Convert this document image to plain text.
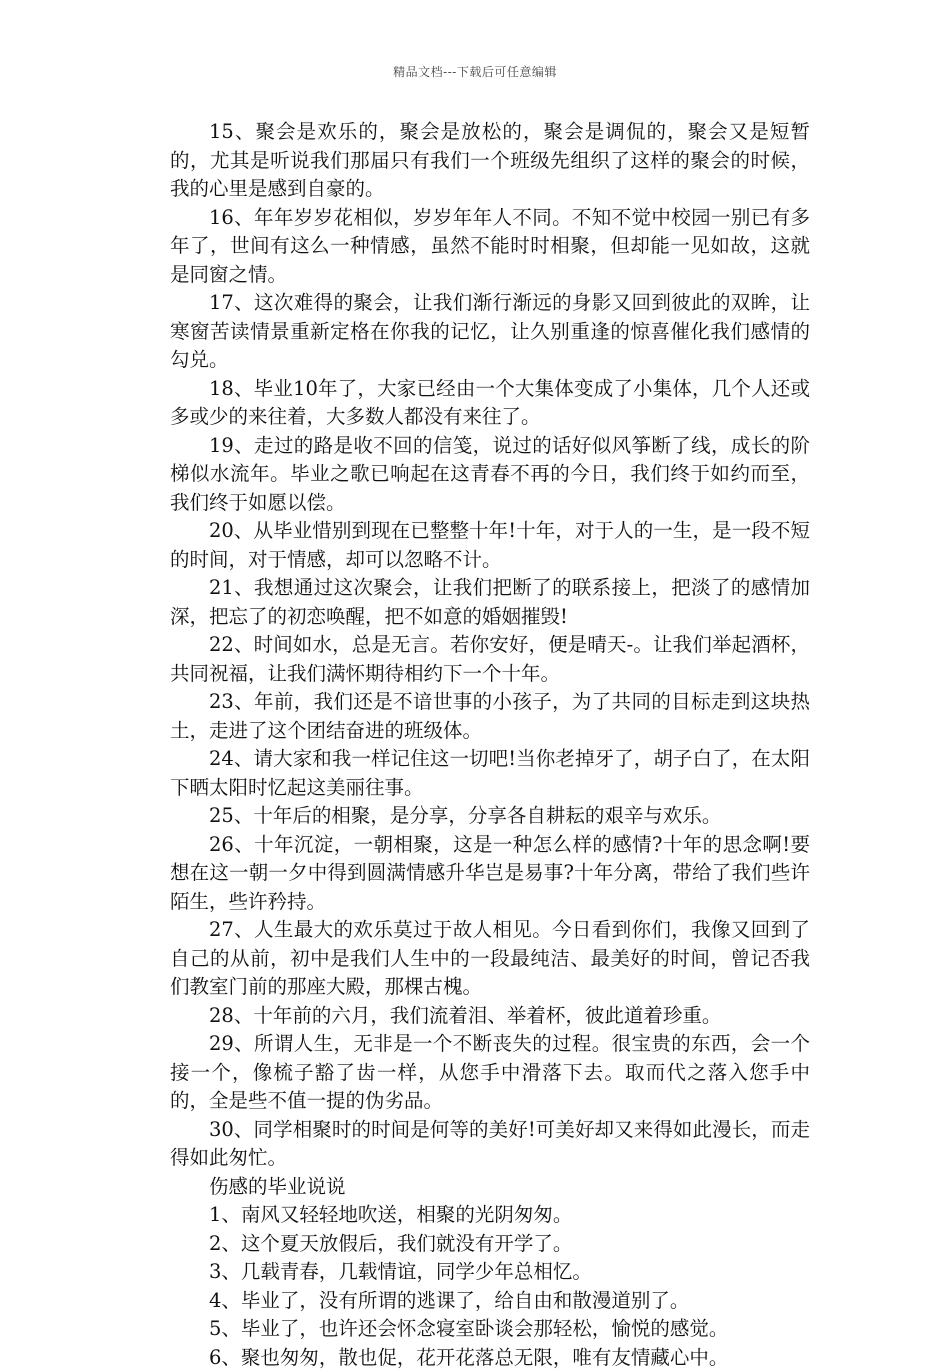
精品文档---下载后可任意编辑

15、聚会是欢乐的，聚会是放松的，聚会是调侃的，聚会又是短暂的，尤其是听说我们那届只有我们一个班级先组织了这样的聚会的时候，我的心里是感到自豪的。

16、年年岁岁花相似，岁岁年年人不同。不知不觉中校园一别已有多年了，世间有这么一种情感，虽然不能时时相聚，但却能一见如故，这就是同窗之情。

17、这次难得的聚会，让我们渐行渐远的身影又回到彼此的双眸，让寒窗苦读情景重新定格在你我的记忆，让久别重逢的惊喜催化我们感情的勾兑。

18、毕业10年了，大家已经由一个大集体变成了小集体，几个人还或多或少的来往着，大多数人都没有来往了。

19、走过的路是收不回的信笺，说过的话好似风筝断了线，成长的阶梯似水流年。毕业之歌已响起在这青春不再的今日，我们终于如约而至，我们终于如愿以偿。

20、从毕业惜别到现在已整整十年!十年，对于人的一生，是一段不短的时间，对于情感，却可以忽略不计。

21、我想通过这次聚会，让我们把断了的联系接上，把淡了的感情加深，把忘了的初恋唤醒，把不如意的婚姻摧毁!

22、时间如水，总是无言。若你安好，便是晴天-。让我们举起酒杯，共同祝福，让我们满怀期待相约下一个十年。

23、年前，我们还是不谙世事的小孩子，为了共同的目标走到这块热土，走进了这个团结奋进的班级体。

24、请大家和我一样记住这一切吧!当你老掉牙了，胡子白了，在太阳下晒太阳时忆起这美丽往事。

25、十年后的相聚，是分享，分享各自耕耘的艰辛与欢乐。

26、十年沉淀，一朝相聚，这是一种怎么样的感情?十年的思念啊!要想在这一朝一夕中得到圆满情感升华岂是易事?十年分离，带给了我们些许陌生，些许矜持。

27、人生最大的欢乐莫过于故人相见。今日看到你们，我像又回到了自己的从前，初中是我们人生中的一段最纯洁、最美好的时间，曾记否我们教室门前的那座大殿，那棵古槐。

28、十年前的六月，我们流着泪、举着杯，彼此道着珍重。

29、所谓人生，无非是一个不断丧失的过程。很宝贵的东西，会一个接一个，像梳子豁了齿一样，从您手中滑落下去。取而代之落入您手中的，全是些不值一提的伪劣品。

30、同学相聚时的时间是何等的美好!可美好却又来得如此漫长，而走得如此匆忙。

伤感的毕业说说

1、南风又轻轻地吹送，相聚的光阴匆匆。

2、这个夏天放假后，我们就没有开学了。

3、几载青春，几载情谊，同学少年总相忆。

4、毕业了，没有所谓的逃课了，给自由和散漫道别了。

5、毕业了，也许还会怀念寝室卧谈会那轻松，愉悦的感觉。

6、聚也匆匆，散也促，花开花落总无限，唯有友情藏心中。
